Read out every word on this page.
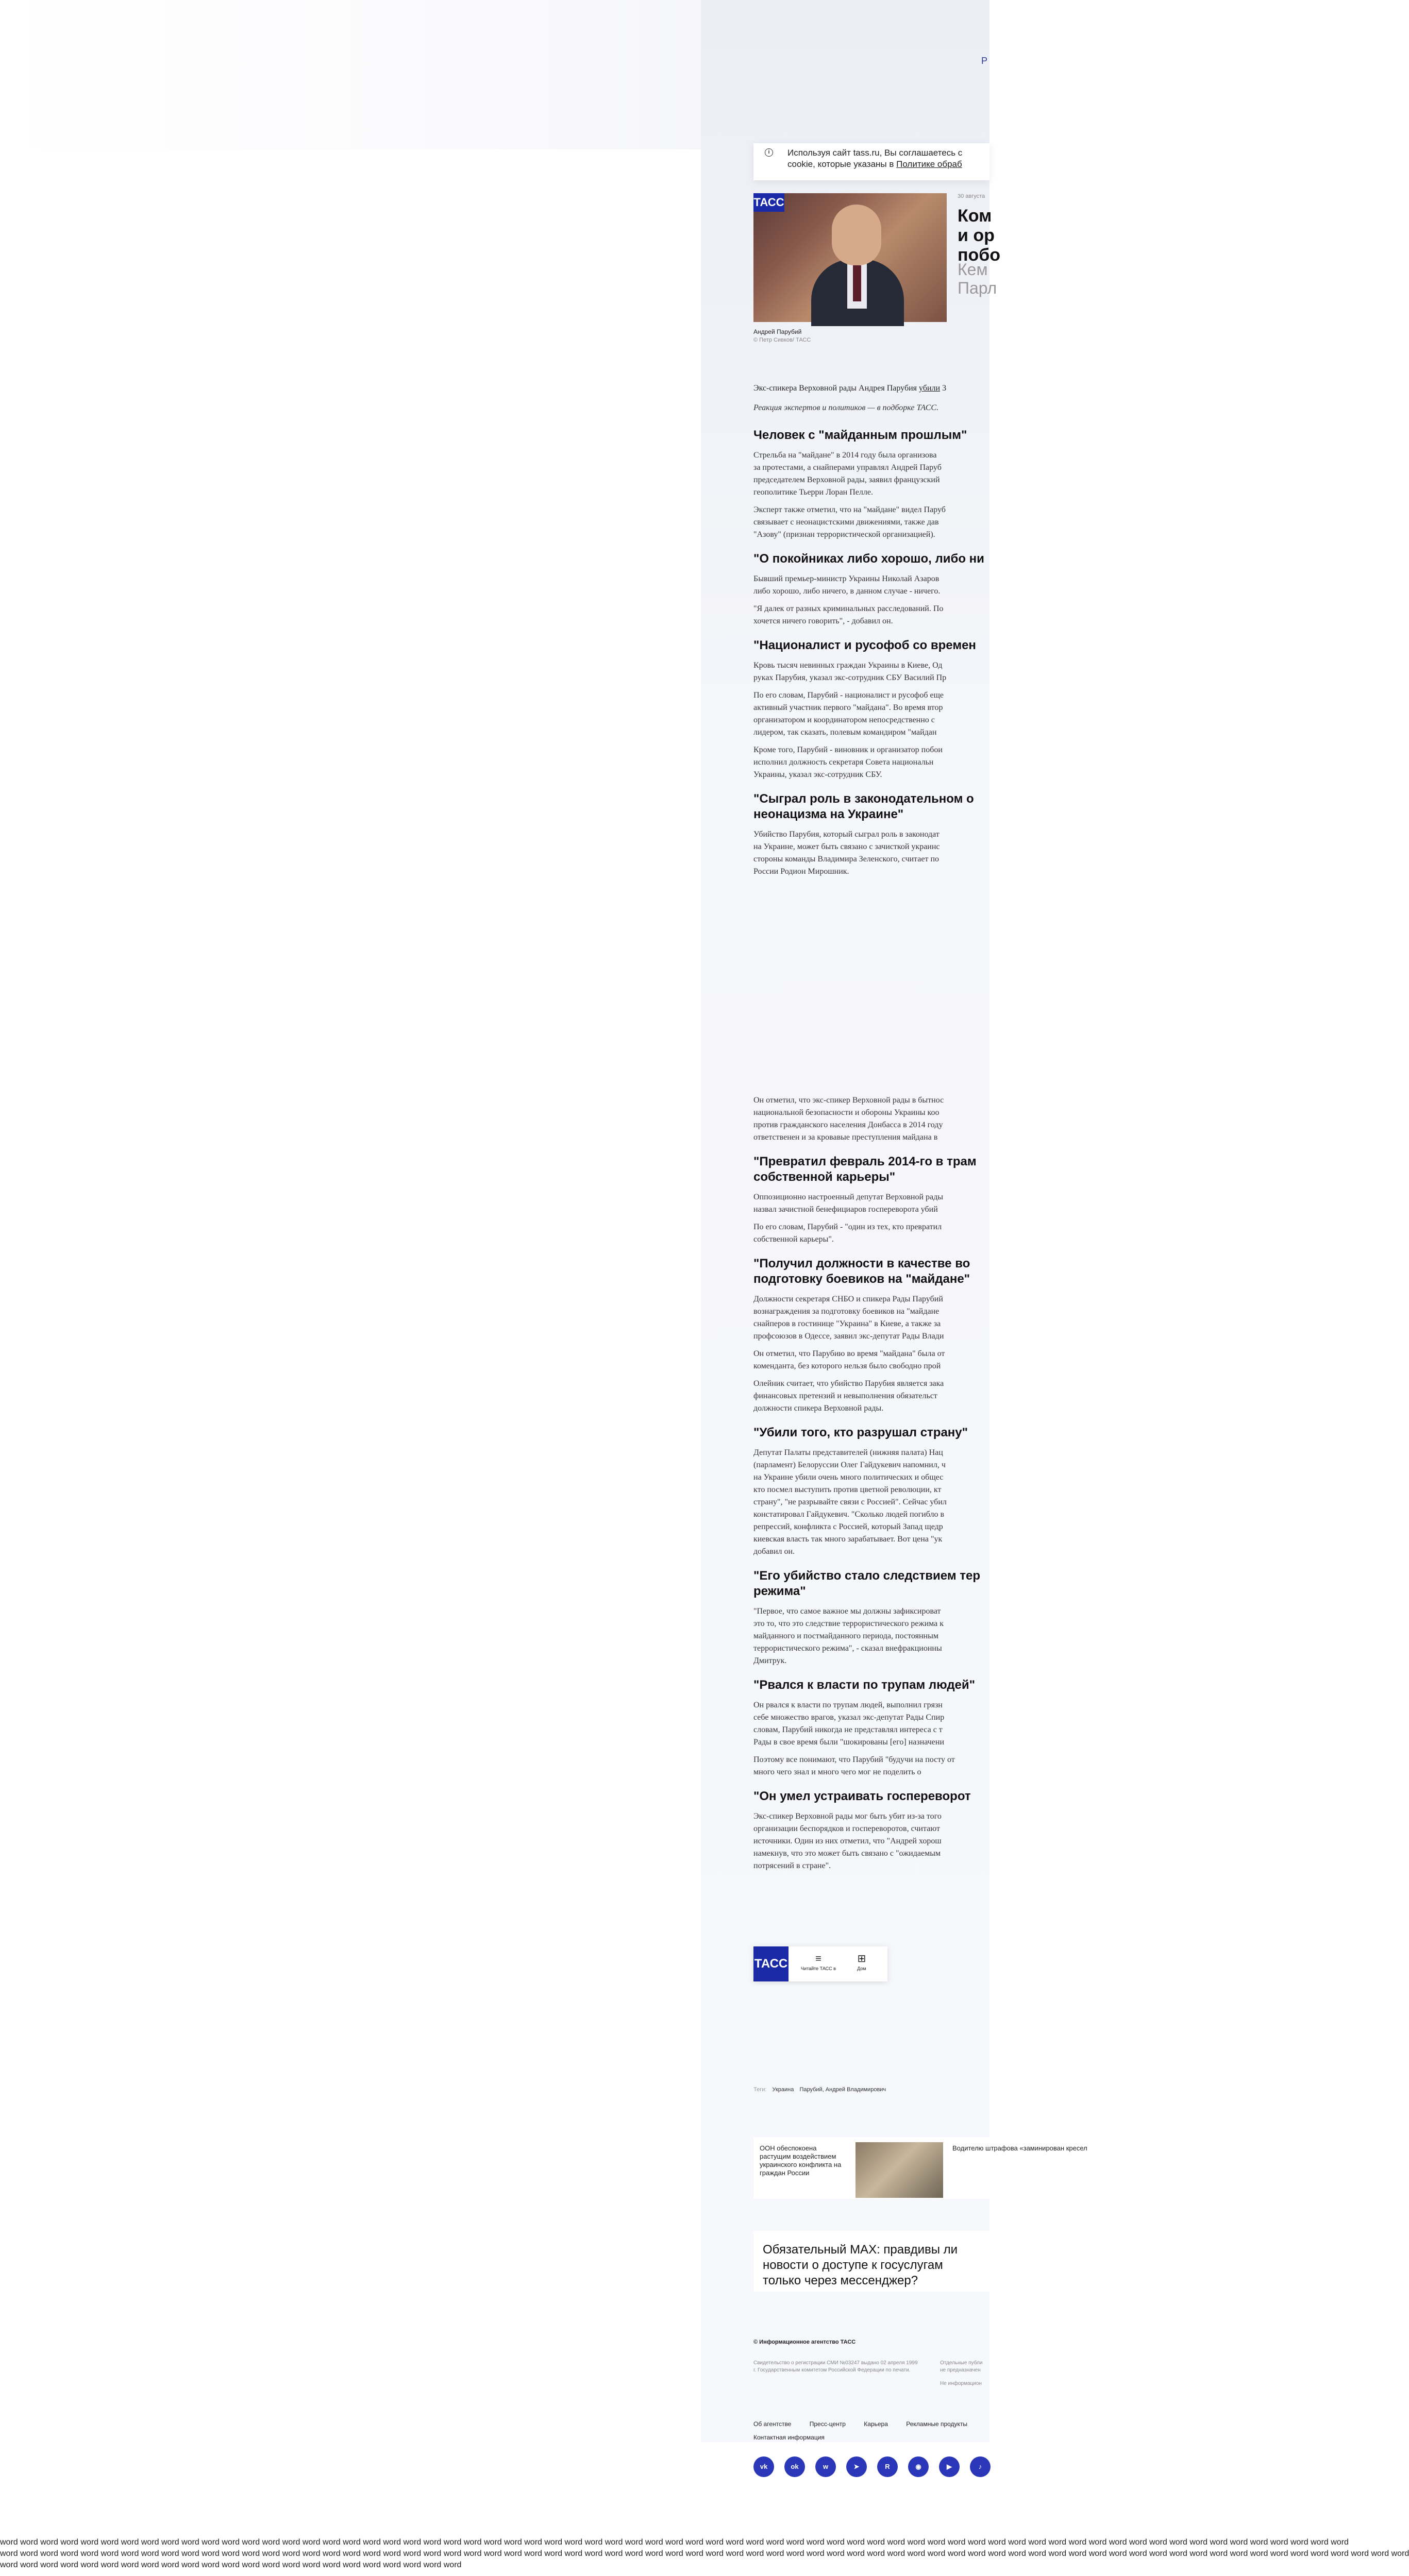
Р
i	Используя сайт tass.ru, Вы соглашаетесь с
cookie, которые указаны в Политике обраб
ТАСС
Андрей Парубий
© Петр Сивков/ ТАСС
30 августа
Ком
и ор
побо
Кем
Парл

Экс-спикера Верховной рады Андрея Парубия убили 3

Реакция экспертов и политиков — в подборке ТАСС.

Человек с "майданным прошлым"

Стрельба на "майдане" в 2014 году была организова
за протестами, а снайперами управлял Андрей Паруб
председателем Верховной рады, заявил французский
геополитике Тьерри Лоран Пелле.

Эксперт также отметил, что на "майдане" видел Паруб
связывает с неонацистскими движениями, также дав
"Азову" (признан террористической организацией).

"О покойниках либо хорошо, либо ни

Бывший премьер-министр Украины Николай Азаров
либо хорошо, либо ничего, в данном случае - ничего.

"Я далек от разных криминальных расследований. По
хочется ничего говорить", - добавил он.

"Националист и русофоб со времен

Кровь тысяч невинных граждан Украины в Киеве, Од
руках Парубия, указал экс-сотрудник СБУ Василий Пр

По его словам, Парубий - националист и русофоб еще
активный участник первого "майдана". Во время втор
организатором и координатором непосредственно с
лидером, так сказать, полевым командиром "майдан

Кроме того, Парубий - виновник и организатор побои
исполнил должность секретаря Совета национальн
Украины, указал экс-сотрудник СБУ.

"Сыграл роль в законодательном о
неонацизма на Украине"

Убийство Парубия, который сыграл роль в законодат
на Украине, может быть связано с зачисткой украинс
стороны команды Владимира Зеленского, считает по
России Родион Мирошник.

Он отметил, что экс-спикер Верховной рады в бытнос
национальной безопасности и обороны Украины коо
против гражданского населения Донбасса в 2014 году
ответственен и за кровавые преступления майдана в

"Превратил февраль 2014-го в трам
собственной карьеры"

Оппозиционно настроенный депутат Верховной рады
назвал зачистной бенефициаров госпереворота убий

По его словам, Парубий - "один из тех, кто превратил
собственной карьеры".

"Получил должности в качестве во
подготовку боевиков на "майдане"

Должности секретаря СНБО и спикера Рады Парубий
вознаграждения за подготовку боевиков на "майдане
снайперов в гостинице "Украина" в Киеве, а также за
профсоюзов в Одессе, заявил экс-депутат Рады Влади

Он отметил, что Парубию во время "майдана" была от
коменданта, без которого нельзя было свободно прой

Олейник считает, что убийство Парубия является зака
финансовых претензий и невыполнения обязательст
должности спикера Верховной рады.

"Убили того, кто разрушал страну"

Депутат Палаты представителей (нижняя палата) Нац
(парламент) Белоруссии Олег Гайдукевич напомнил, ч
на Украине убили очень много политических и общес
кто посмел выступить против цветной революции, кт
страну", "не разрывайте связи с Россией". Сейчас убил
констатировал Гайдукевич. "Сколько людей погибло в
репрессий, конфликта с Россией, который Запад щедр
киевская власть так много зарабатывает. Вот цена "ук
добавил он.

"Его убийство стало следствием тер
режима"

"Первое, что самое важное мы должны зафиксироват
это то, что это следствие террористического режима к
майданного и постмайданного периода, постоянным
террористического режима", - сказал внефракционны
Дмитрук.

"Рвался к власти по трупам людей"

Он рвался к власти по трупам людей, выполнил грязн
себе множество врагов, указал экс-депутат Рады Спир
словам, Парубий никогда не представлял интереса с т
Рады в свое время были "шокированы [его] назначени

Поэтому все понимают, что Парубий "будучи на посту от
много чего знал и много чего мог не поделить о

"Он умел устраивать госпереворот

Экс-спикер Верховной рады мог быть убит из-за того
организации беспорядков и госпереворотов, считают
источники. Один из них отметил, что "Андрей хорош
намекнув, что это может быть связано с "ожидаемым
потрясений в стране".

ТАСС	≡
Читайте ТАСС в
⊞
Дом
Теги: Украина Парубий, Андрей Владимирович
ООН обеспокоена растущим воздействием украинского конфликта на граждан России
Водителю штрафова «заминирован кресел
Обязательный MAX: правдивы ли новости о доступе к госуслугам только через мессенджер?
© Информационное агентство ТАСС
Свидетельство о регистрации СМИ №03247 выдано 02 апреля 1999 г. Государственным комитетом Российской Федерации по печати.
Отдельные публи не предназначен
Не информацион
Об агентстве	Пресс-центр	Карьера	Рекламные продукты
Контактная информация
vk	ok	w	➤	R	◉	▶	♪
word word word word word word word word word word word word word word word word word word word word word word word word word word word word word word word word word word word word word word word word word word word word word word word word word word word word word word word word word word word word word word word word word word word
word word word word word word word word word word word word word word word word word word word word word word word word word word word word word word word word word word word word word word word word word word word word word word word word word word word word word word word word word word word word word word word word word word word word word word
word word word word word word word word word word word word word word word word word word word word word word word
